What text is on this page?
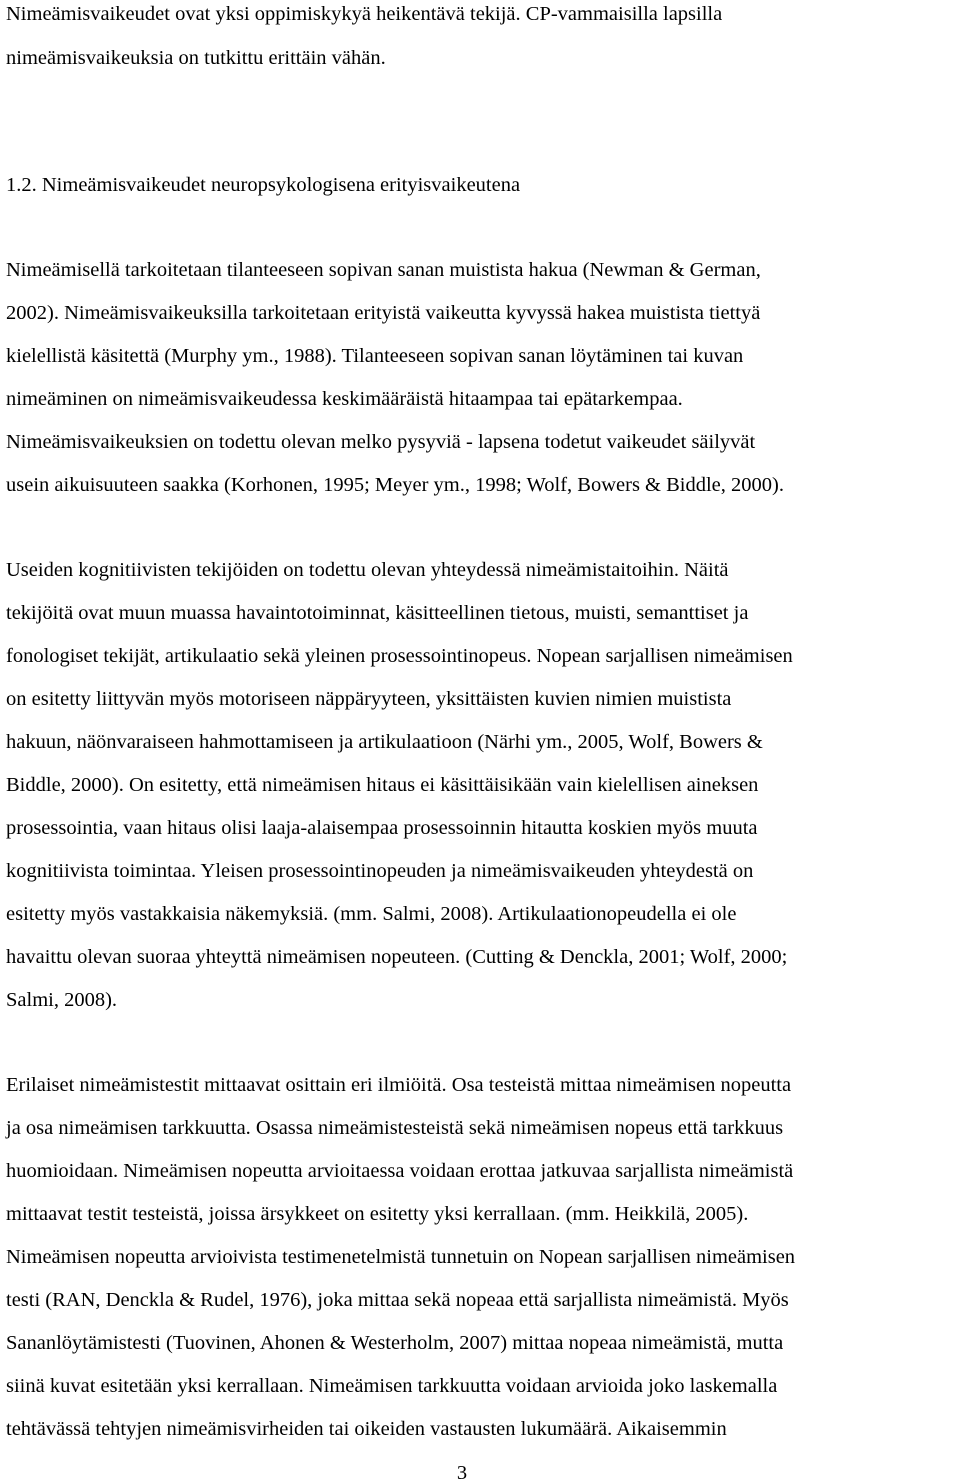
Nimeämisvaikeudet ovat yksi oppimiskykyä heikentävä tekijä. CP-vammaisilla lapsilla
nimeämisvaikeuksia on tutkittu erittäin vähän.
1.2. Nimeämisvaikeudet neuropsykologisena erityisvaikeutena
Nimeämisellä tarkoitetaan tilanteeseen sopivan sanan muistista hakua (Newman & German,
2002). Nimeämisvaikeuksilla tarkoitetaan erityistä vaikeutta kyvyssä hakea muistista tiettyä
kielellistä käsitettä (Murphy ym., 1988). Tilanteeseen sopivan sanan löytäminen tai kuvan
nimeäminen on nimeämisvaikeudessa keskimääräistä hitaampaa tai epätarkempaa.
Nimeämisvaikeuksien on todettu olevan melko pysyviä - lapsena todetut vaikeudet säilyvät
usein aikuisuuteen saakka (Korhonen, 1995; Meyer ym., 1998; Wolf, Bowers & Biddle, 2000).
Useiden kognitiivisten tekijöiden on todettu olevan yhteydessä nimeämistaitoihin. Näitä
tekijöitä ovat muun muassa havaintotoiminnat, käsitteellinen tietous, muisti, semanttiset ja
fonologiset tekijät, artikulaatio sekä yleinen prosessointinopeus. Nopean sarjallisen nimeämisen
on esitetty liittyvän myös motoriseen näppäryyteen, yksittäisten kuvien nimien muistista
hakuun, näönvaraiseen hahmottamiseen ja artikulaatioon (Närhi ym., 2005, Wolf, Bowers &
Biddle, 2000). On esitetty, että nimeämisen hitaus ei käsittäisikään vain kielellisen aineksen
prosessointia, vaan hitaus olisi laaja-alaisempaa prosessoinnin hitautta koskien myös muuta
kognitiivista toimintaa. Yleisen prosessointinopeuden ja nimeämisvaikeuden yhteydestä on
esitetty myös vastakkaisia näkemyksiä. (mm. Salmi, 2008). Artikulaationopeudella ei ole
havaittu olevan suoraa yhteyttä nimeämisen nopeuteen. (Cutting & Denckla, 2001; Wolf, 2000;
Salmi, 2008).
Erilaiset nimeämistestit mittaavat osittain eri ilmiöitä. Osa testeistä mittaa nimeämisen nopeutta
ja osa nimeämisen tarkkuutta. Osassa nimeämistesteistä sekä nimeämisen nopeus että tarkkuus
huomioidaan. Nimeämisen nopeutta arvioitaessa voidaan erottaa jatkuvaa sarjallista nimeämistä
mittaavat testit testeistä, joissa ärsykkeet on esitetty yksi kerrallaan. (mm. Heikkilä, 2005).
Nimeämisen nopeutta arvioivista testimenetelmistä tunnetuin on Nopean sarjallisen nimeämisen
testi (RAN, Denckla & Rudel, 1976), joka mittaa sekä nopeaa että sarjallista nimeämistä. Myös
Sananlöytämistesti (Tuovinen, Ahonen & Westerholm, 2007) mittaa nopeaa nimeämistä, mutta
siinä kuvat esitetään yksi kerrallaan. Nimeämisen tarkkuutta voidaan arvioida joko laskemalla
tehtävässä tehtyjen nimeämisvirheiden tai oikeiden vastausten lukumäärä. Aikaisemmin
3
